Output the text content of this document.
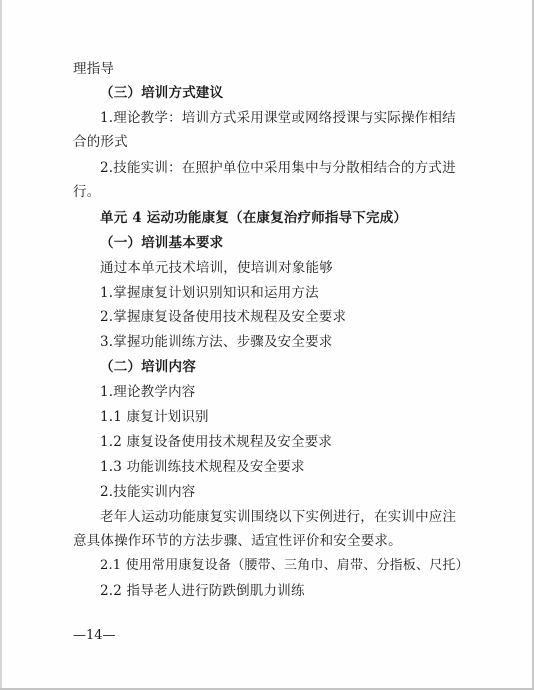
理指导
（三）培训方式建议
1.理论教学：培训方式采用课堂或网络授课与实际操作相结
合的形式
2.技能实训：在照护单位中采用集中与分散相结合的方式进
行。
单元 4 运动功能康复（在康复治疗师指导下完成）
（一）培训基本要求
通过本单元技术培训，使培训对象能够
1.掌握康复计划识别知识和运用方法
2.掌握康复设备使用技术规程及安全要求
3.掌握功能训练方法、步骤及安全要求
（二）培训内容
1.理论教学内容
1.1 康复计划识别
1.2 康复设备使用技术规程及安全要求
1.3 功能训练技术规程及安全要求
2.技能实训内容
老年人运动功能康复实训围绕以下实例进行，在实训中应注
意具体操作环节的方法步骤、适宜性评价和安全要求。
2.1 使用常用康复设备（腰带、三角巾、肩带、分指板、尺托）
2.2 指导老人进行防跌倒肌力训练
—14—
